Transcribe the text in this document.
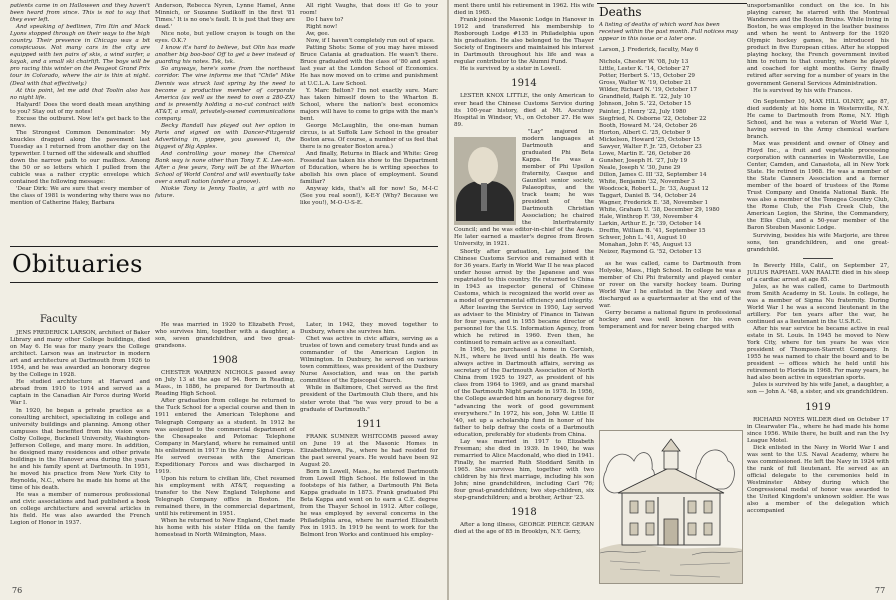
patients came in on Halloween and they haven't been heard from since. This is not to say that they ever left.

And speaking of bedlinen, Tim Itin and Mack Lyons stopped through on their ways to the high country. Their presence in Chicago was a bit conspicuous. Not many cars in the city are equipped with ten pairs of skis, a wind surfer, a kayak, and a small ski chairlift. The boys will be pro racing this winter on the Peugeot Grand Prix tour in Colorado, where the air is thin at night. (Deal with that effectively.)

At this point, let me add that Toolin also has no night life.

Halyard! Does the word death mean anything to you? Stay out of my notes!

Excuse the outburst. Now let's get back to the news.

The Strongest Common Denominator: My knuckles dragged along the pavement last Tuesday as I returned from another day on the typewriter. I turned off the sidewalk and shuffled down the narrow path to our mailbox. Among the 50 or so letters which I pulled from the cubicle was a rather cryptic envelope which contained the following message:

'Dear Dirk: We are sure that every member of the class of 1981 is wondering why there was no mention of Catherine Haley, Barbara

Anderson, Rebecca Nyren, Lynne Hamel, Anne Minnich, or Suzanne Sudikoff in the first '81 Times.' It is no one's fault. It is just that they are dead.'

Nice note, but yellow crayon is tough on the eyes. O.K.?

I know it's hard to believe, but Olin has made another big boo-boo! Off to get a beer instead of guarding his notes. Tsk, tsk.

So anyways, here's some from the northeast corridor. The vine informs me that "Chile" Mike Dennis was struck last spring by the need to become a productive member of corporate America (as well as the need to own a 280-ZX) and is presently holding a no-cut contract with AT&T, a small, privately-owned communications company.

Becky Randall has played out her option in Paris and signed on with Dancer-Fitzgerald Advertising in, yippee, you guessed it, the biggest of Big Apples.

And controlling your money the Chemical Bank way is none other than Tony T. K. Lee-son. After a few years, Tony will be at the Wharton School of World Control and will eventually take over a small nation (under a groove).

Niokie Tony is Jenny Toolin, a girl with no future.

All right Vaughs, that does it! Go to your room!

Do I have to?

Right now!

Aw, gee.

Now, if I haven't completely run out of space.

Patting Shots: Some of you may have missed Bruce Catania at graduation. He wasn't there. Bruce graduated with the class of '80 and spent last year at the London School of Economics. He has now moved on to crime and punishment at U.C.L.A. Law School.

Y. Marc Belton? I'm not exactly sure. Marc has taken himself down to the Wharton B. School, where the nation's best economics majors will have to come to grips with the man's bent.

George McLaughlin, the one-man human circus, is at Suffolk Law School in the greater Boston area. Of course, a number of us feel that there is no greater Boston area.)

And finally, Returns in Black and White: Greg Fossedal has taken his show to the Department of Education, where he is writing speeches to abolish his own place of employment. Sound familiar?

Anyway kids, that's all for now! So, M-I-C (See you real soon!), K-E-Y (Why? Because we like you!), M-O-U-S-E.

Obituaries
Faculty

JENS FREDERICK LARSON, architect of Baker Library and many other College buildings, died on May 6. He was for many years the College architect. Larson was an instructor in modern art and architecture at Dartmouth from 1926 to 1954, and he was awarded an honorary degree by the College in 1928.

He studied architecture at Harvard and abroad from 1910 to 1914 and served as a captain in the Canadian Air Force during World War I.

In 1920, he began a private practice as a consulting architect, specializing in college and university buildings and planning. Among other campuses that benefited from his vision were Colby College, Bucknell University, Washington-Jefferson College, and many more. In addition, he designed many residences and other private buildings in the Hanover area during the years he and his family spent at Dartmouth. In 1951, he moved his practice from New York City to Reynolda, N.C., where he made his home at the time of his death.

He was a member of numerous professional and civic associations and had published a book on college architecture and several articles in his field. He was also awarded the French Legion of Honor in 1937.

He was married in 1920 to Elizabeth Frost, who survives him, together with a daughter, a son, seven grandchildren, and two great-grandsons.

1908

CHESTER WARREN NICHOLS passed away on July 13 at the age of 94. Born in Reading, Mass., in 1886, he prepared for Dartmouth at Reading High School.

After graduation from college he returned to the Tuck School for a special course and then in 1911 entered the American Telephone and Telegraph Company as a student. In 1912 he was assigned to the commercial department of the Chesapeake and Potomac Telephone Company in Maryland, where he remained until his enlistment in 1917 in the Army Signal Corps. He served overseas with the American Expeditionary Forces and was discharged in 1919.

Upon his return to civilian life, Chet resumed his employment with AT&T, requesting a transfer to the New England Telephone and Telegraph Company office in Boston. He remained there, in the commercial department, until his retirement in 1951.

When he returned to New England, Chet made his home with his sister Hilda on the family homestead in North Wilmington, Mass.

Later, in 1942, they moved together to Duxbury, where she survives him.

Chet was active in civic affairs, serving as a trustee of town and cemetery trust funds and as commander of the American Legion in Wilmington. In Duxbury, he served on various town committees, was president of the Duxbury Nurse Association, and was on the parish committee of the Episcopal Church.

While in Baltimore, Chet served as the first president of the Dartmouth Club there, and his sister wrote that "he was very proud to be a graduate of Dartmouth."

1911

FRANK SUMNER WHITCOMB passed away on June 19 at the Masonic Homes in Elizabethtown, Pa., where he had resided for the past several years. He would have been 92 August 20.

Born in Lowell, Mass., he entered Dartmouth from Lowell High School. He followed in the footsteps of his father, a Dartmouth Phi Beta Kappa graduate in 1873. Frank graduated Phi Beta Kappa and went on to earn a C.E. degree from the Thayer School in 1912. After college, he was employed by several concerns in the Philadelphia area, where he married Elizabeth Fox in 1915. In 1919 he went to work for the Belmont Iron Works and continued his employ-

76

ment there until his retirement in 1962. His wife died in 1965.

Frank joined the Masonic Lodge in Hanover in 1912 and transferred his membership to Roxborough Lodge #135 in Philadelphia upon his graduation. He also belonged to the Thayer Society of Engineers and maintained his interest in Dartmouth throughout his life and was a regular contributor to the Alumni Fund.

He is survived by a sister in Lowell.

1914

LESTER KNOX LITTLE, the only American to ever head the Chinese Customs Service during its 100-year history, died at Mt. Ascutney Hospital in Windsor, Vt., on October 27. He was 89.

"Lay" majored in modern languages at Dartmouth and graduated Phi Beta Kappa. He was a member of Phi Upsilon fraternity, Casque and Gauntlet senior society, Palaeopitus, and the track team; he was president of the Dartmouth Christian Association; he chaired the Interfraternity Council; and he was editor-in-chief of the Aegis. He later earned a master's degree from Brown University, in 1921.

Shortly after graduation, Lay joined the Chinese Customs Service and remained with it for 36 years. Early in World War II he was placed under house arrest by the Japanese and was repatriated to this country. He returned to China in 1943 as inspector general of Chinese Customs, which is recognized the world over as a model of governmental efficiency and integrity.

After leaving the Service in 1950, Lay served as adviser to the Ministry of Finance in Taiwan for four years, and in 1955 became director of personnel for the U.S. Information Agency, from which he retired in 1960. Even then, he continued to remain active as a consultant.

In 1965, he purchased a home in Cornish, N.H., where he lived until his death. He was always active in Dartmouth affairs, serving as secretary of the Dartmouth Association of North China from 1925 to 1927, as president of his class from 1964 to 1969, and as grand marshal of the Dartmouth Night parade in 1978. In 1956, the College awarded him an honorary degree for "advancing the work of good government everywhere." In 1972, his son, John W. Little II '40, set up a scholarship fund in honor of his father to help defray the costs of a Dartmouth education, preferably for students from China.

Lay was married in 1917 to Elizabeth Freeman; she died in 1939. In 1940, he was remarried to Alice Macdonald, who died in 1941. Finally, he married Ruth Stoddard Smith in 1965. She survives him, together with two children by his first marriage, including his son John; nine grandchildren, including Carl '76; four great-grandchildren; two step-children, six step-grandchildren; and a brother, Arthur '23.

1918

After a long illness, GEORGE PIERCE GERAN died at the age of 85 in Brooklyn, N.Y. Gerry,

Deaths

A listing of deaths of which word has been received within the past month. Full notices may appear in this issue or a later one.

Larson, J. Frederick, faculty, May 6
Nichols, Chester W. '08, July 13
Little, Lester K. '14, October 27
Potter, Herbert S. '15, October 29
Gross, Walter W. '19, October 21
Wilder, Richard N. '19, October 17
Grandfield, Ralph E. '22, July 10
Johnson, John S. '22, October 15
Painter, J. Henry '22, July 1980
Siegfried, N. Osborne '22, October 22
Booth, Howard M. '24, October 26
Horton, Albert C. '25, October 9
Mickelson, Howard '25, October 15
Sawyer, Walter F. Jr. '25, October 23
Lowe, Martin E. '26, October 26
Gunsher, Joseph H. '27, July 19
Neale, Joseph V. '30, June 29
Dillon, James C. III '32, September 14
White, Benjamin '32, November 3
Woodcock, Robert L. Jr. '33, August 12
Taggart, Daniel B. '34, October 24
Wagner, Frederick E. '38, November 1
White, Graham U. '38, December 29, 1980
Hale, Winthrop F. '39, November 4
Larkin, Arthur E. Jr. '39, October 14
Dreffin, William B. '41, September 15
Schwer, John L. '41, August 10
Monahan, John F. '45, August 13
Neizer, Raymond G. '52, October 13

as he was called, came to Dartmouth from Holyoke, Mass., High School. In college he was a member of Chi Phi fraternity and played center or rover on the varsity hockey team. During World War I he enlisted in the Navy and was discharged as a quartermaster at the end of the war.

Gerry became a national figure in professional hockey and was well known for his even temperament and for never being charged with

unsportsmanlike conduct on the ice. In his playing career, he starred with the Montreal Wanderers and the Boston Bruins. While living in Boston, he was employed in the leather business and when he went to Antwerp for the 1920 Olympic hockey games, he introduced his product in five European cities. After he stopped playing hockey, the French government invited him to return to that country, where he played and coached for eight months. Gerry finally retired after serving for a number of years in the government General Services Administration.

He is survived by his wife Frances.

On September 10, MAX HILL OLNEY, age 87, died suddenly at his home in Westernville, N.Y. He came to Dartmouth from Rome, N.Y. High School, and he was a veteran of World War I, having served in the Army chemical warfare branch.

Max was president and owner of Olney and Floyd Inc., a fruit and vegetable processing corporation with canneries in Westernville, Lee Center, Camden, and Canastota, all in New York State. He retired in 1968. He was a member of the State Canners Association and a former member of the board of trustees of the Rome Trust Company and Oneida National Bank. He was also a member of the Tenegea Country Club, the Rome Club, the Fish Creek Club, the American Legion, the Shrine, the Commandery, the Elks Club, and a 50-year member of the Baron Steuben Masonic Lodge.

Surviving, besides his wife Marjorie, are three sons, ten grandchildren, and one great-grandchild.

In Beverly Hills, Calif., on September 27, JULIUS RAPHAEL VAN RAALTE died in his sleep of a cardiac arrest at age 85.

Jules, as he was called, came to Dartmouth from Smith Academy in St. Louis. In college, he was a member of Sigma Nu fraternity. During World War I he was a second lieutenant in the artillery. For ten years after the war, he continued as a lieutenant in the U.S.R.C.

After his war service he became active in real estate in St. Louis. In 1945 he moved to New York City, where for ten years he was vice president of Thompson-Starrett Company. In 1955 he was named to chair the board and to be president — offices which he held until his retirement to Florida in 1968. For many years, he had also been active in equestrian sports.

Jules is survived by his wife Janet, a daughter, a son — John A. '48, a sister, and six grandchildren.

1919

RICHARD NOYES WILDER died on October 17 in Clearwater Fla., where he had made his home since 1956. While there, he built and ran the Ivy League Motel.

Dick enlisted in the Navy in World War I and was sent to the U.S. Naval Academy, where he was commissioned. He left the Navy in 1924 with the rank of full lieutenant. He served as an official delegate to the ceremonies held in Westminster Abbey during which the Congressional medal of honor was awarded to the United Kingdom's unknown soldier. He was also a member of the delegation which accompanied

77
